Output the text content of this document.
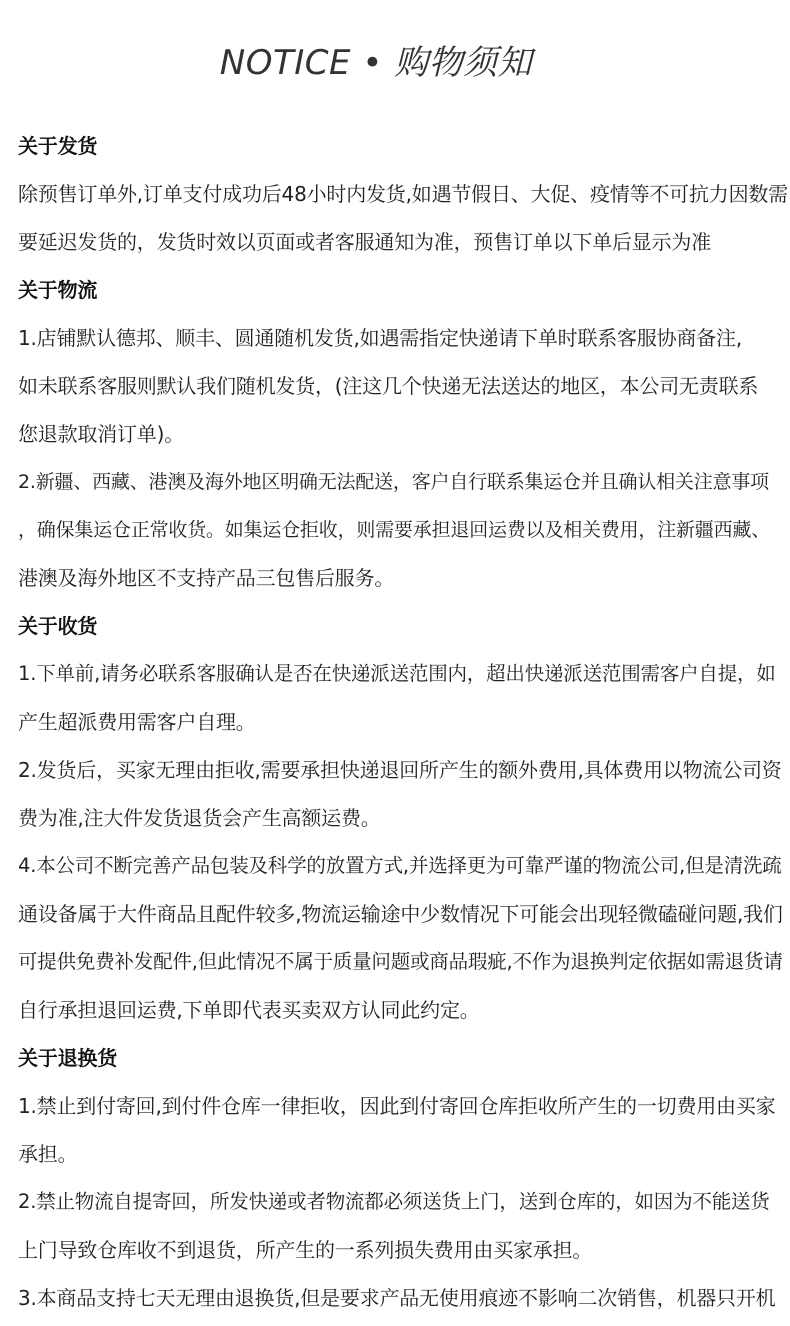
NOTICE • 购物须知
关于发货
除预售订单外,订单支付成功后48小时内发货,如遇节假日、大促、疫情等不可抗力因数需
要延迟发货的，发货时效以页面或者客服通知为准，预售订单以下单后显示为准
关于物流
1.店铺默认德邦、顺丰、圆通随机发货,如遇需指定快递请下单时联系客服协商备注,
如未联系客服则默认我们随机发货，(注这几个快递无法送达的地区，本公司无责联系
您退款取消订单)。
2.新疆、西藏、港澳及海外地区明确无法配送，客户自行联系集运仓并且确认相关注意事项
，确保集运仓正常收货。如集运仓拒收，则需要承担退回运费以及相关费用，注新疆西藏、
港澳及海外地区不支持产品三包售后服务。
关于收货
1.下单前,请务必联系客服确认是否在快递派送范围内，超出快递派送范围需客户自提，如
产生超派费用需客户自理。
2.发货后，买家无理由拒收,需要承担快递退回所产生的额外费用,具体费用以物流公司资
费为准,注大件发货退货会产生高额运费。
4.本公司不断完善产品包装及科学的放置方式,并选择更为可靠严谨的物流公司,但是清洗疏
通设备属于大件商品且配件较多,物流运输途中少数情况下可能会出现轻微磕碰问题,我们
可提供免费补发配件,但此情况不属于质量问题或商品瑕疵,不作为退换判定依据如需退货请
自行承担退回运费,下单即代表买卖双方认同此约定。
关于退换货
1.禁止到付寄回,到付件仓库一律拒收，因此到付寄回仓库拒收所产生的一切费用由买家
承担。
2.禁止物流自提寄回，所发快递或者物流都必须送货上门，送到仓库的，如因为不能送货
上门导致仓库收不到退货，所产生的一系列损失费用由买家承担。
3.本商品支持七天无理由退换货,但是要求产品无使用痕迹不影响二次销售，机器只开机
